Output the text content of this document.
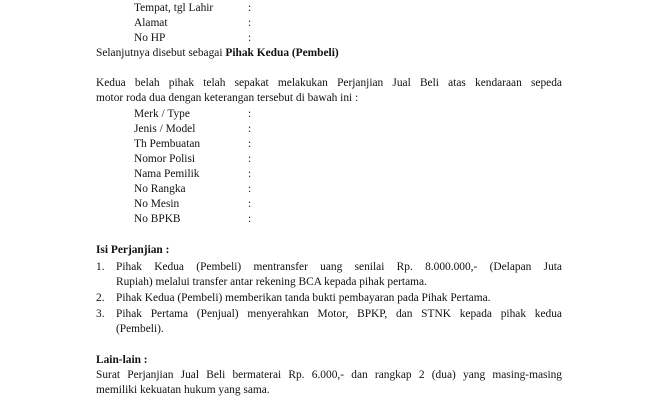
Tempat, tgl Lahir	:
Alamat	:
No HP	:
Selanjutnya disebut sebagai Pihak Kedua (Pembeli)
Kedua belah pihak telah sepakat melakukan Perjanjian Jual Beli atas kendaraan sepeda
motor roda dua dengan keterangan tersebut di bawah ini :
Merk / Type	:
Jenis / Model	:
Th Pembuatan	:
Nomor Polisi	:
Nama Pemilik	:
No Rangka	:
No Mesin	:
No BPKB	:
Isi Perjanjian :
1. Pihak Kedua (Pembeli) mentransfer uang senilai Rp. 8.000.000,- (Delapan Juta
Rupiah) melalui transfer antar rekening BCA kepada pihak pertama.
2. Pihak Kedua (Pembeli) memberikan tanda bukti pembayaran pada Pihak Pertama.
3. Pihak Pertama (Penjual) menyerahkan Motor, BPKP, dan STNK kepada pihak kedua
(Pembeli).
Lain-lain :
Surat Perjanjian Jual Beli bermaterai Rp. 6.000,- dan rangkap 2 (dua) yang masing-masing
memiliki kekuatan hukum yang sama.
